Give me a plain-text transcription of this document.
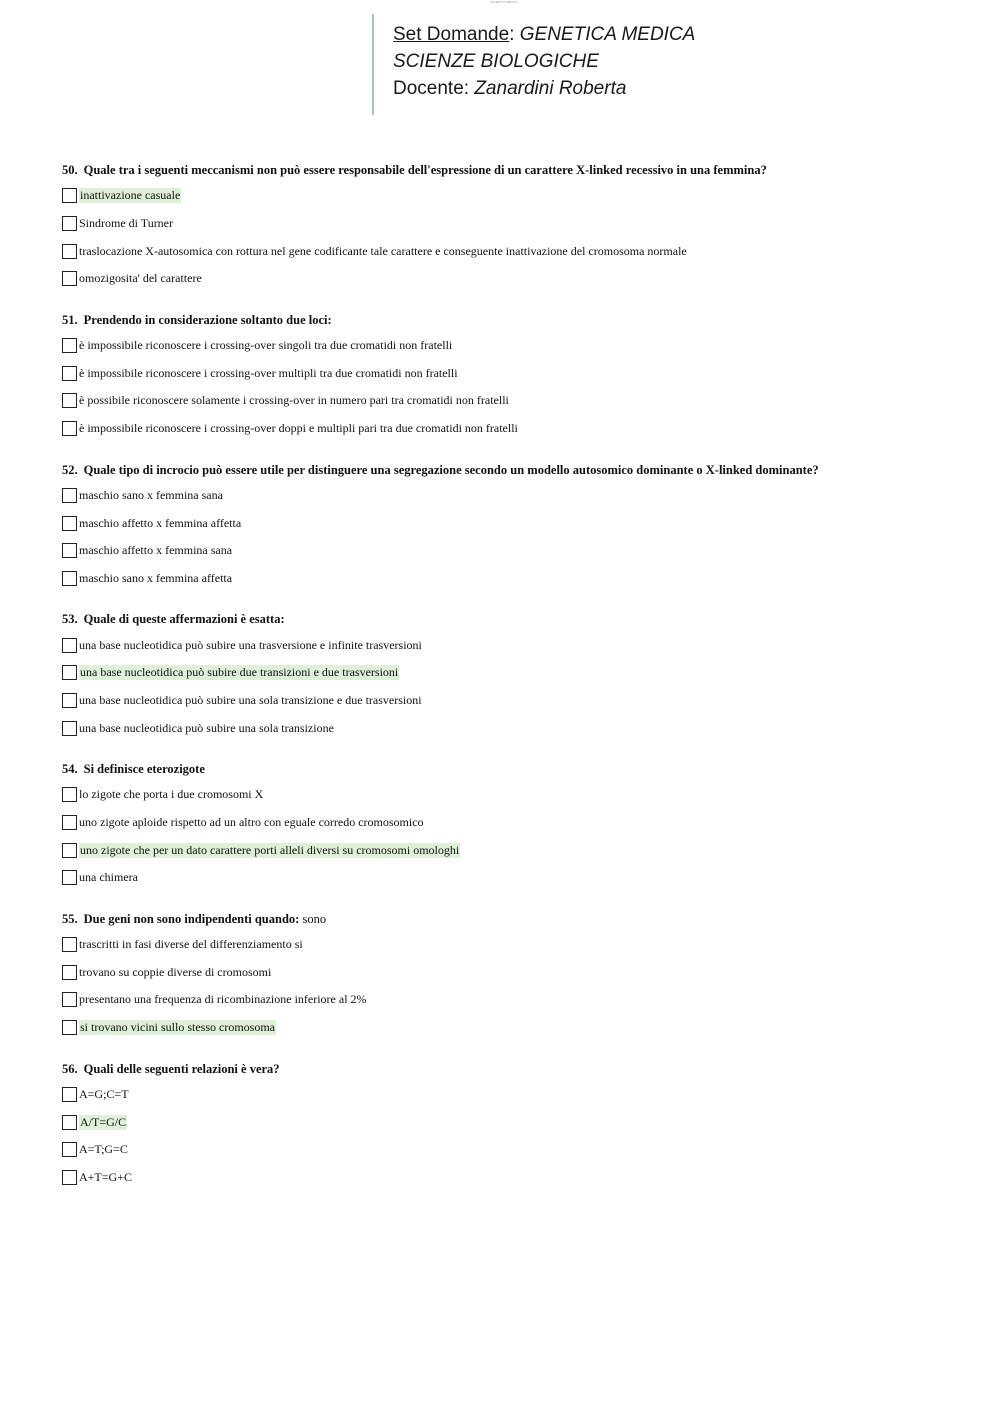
GENETICA MEDICA
Set Domande: GENETICA MEDICA
SCIENZE BIOLOGICHE
Docente: Zanardini Roberta
50. Quale tra i seguenti meccanismi non può essere responsabile dell'espressione di un carattere X-linked recessivo in una femmina?
inattivazione casuale
Sindrome di Turner
traslocazione X-autosomica con rottura nel gene codificante tale carattere e conseguente inattivazione del cromosoma normale
omozigosita' del carattere
51. Prendendo in considerazione soltanto due loci:
è impossibile riconoscere i crossing-over singoli tra due cromatidi non fratelli
è impossibile riconoscere i crossing-over multipli tra due cromatidi non fratelli
è possibile riconoscere solamente i crossing-over in numero pari tra cromatidi non fratelli
è impossibile riconoscere i crossing-over doppi e multipli pari tra due cromatidi non fratelli
52. Quale tipo di incrocio può essere utile per distinguere una segregazione secondo un modello autosomico dominante o X-linked dominante?
maschio sano x femmina sana
maschio affetto x femmina affetta
maschio affetto x femmina sana
maschio sano x femmina affetta
53. Quale di queste affermazioni è esatta:
una base nucleotidica può subire una trasversione e infinite trasversioni
una base nucleotidica può subire due transizioni e due trasversioni
una base nucleotidica può subire una sola transizione e due trasversioni
una base nucleotidica può subire una sola transizione
54. Si definisce eterozigote
lo zigote che porta i due cromosomi X
uno zigote aploide rispetto ad un altro con eguale corredo cromosomico
uno zigote che per un dato carattere porti alleli diversi su cromosomi omologhi
una chimera
55. Due geni non sono indipendenti quando: sono
trascritti in fasi diverse del differenziamento si
trovano su coppie diverse di cromosomi
presentano una frequenza di ricombinazione inferiore al 2%
si trovano vicini sullo stesso cromosoma
56. Quali delle seguenti relazioni è vera?
A=G;C=T
A/T=G/C
A=T;G=C
A+T=G+C
